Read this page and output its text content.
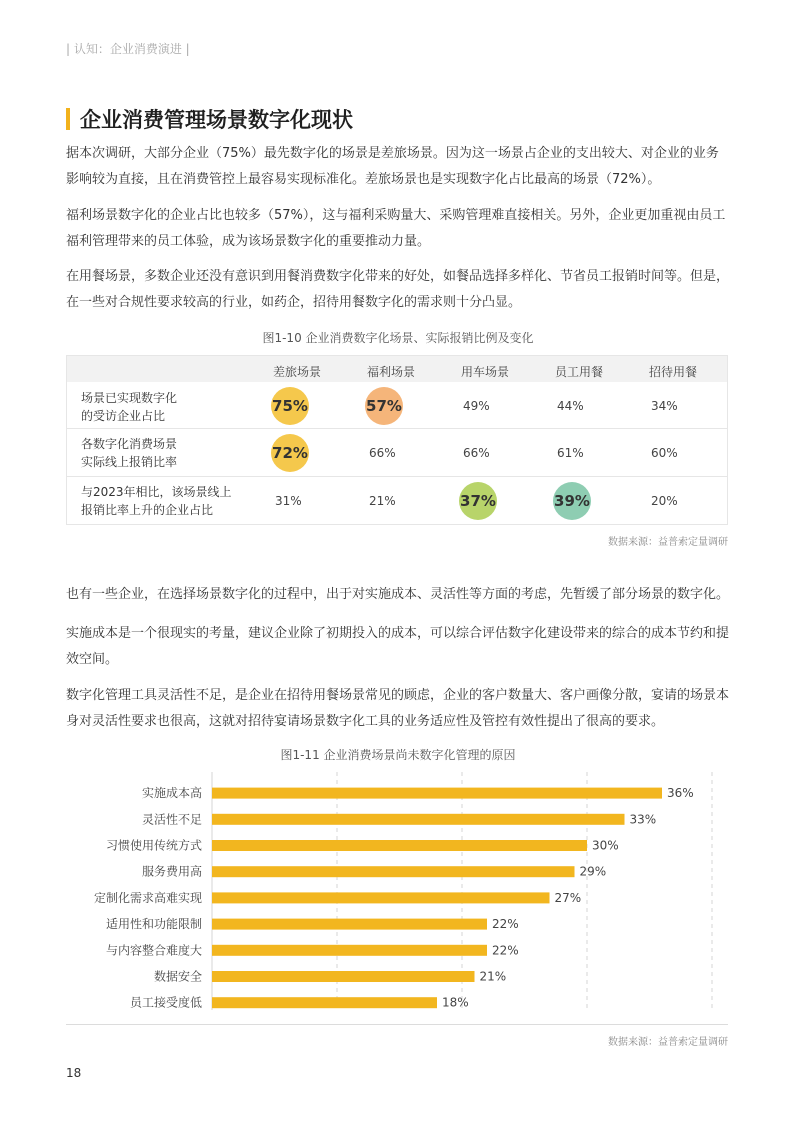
| 认知：企业消费演进 |
企业消费管理场景数字化现状

据本次调研，大部分企业（75%）最先数字化的场景是差旅场景。因为这一场景占企业的支出较大、对企业的业务影响较为直接，且在消费管控上最容易实现标准化。差旅场景也是实现数字化占比最高的场景（72%）。

福利场景数字化的企业占比也较多（57%），这与福利采购量大、采购管理难直接相关。另外，企业更加重视由员工福利管理带来的员工体验，成为该场景数字化的重要推动力量。

在用餐场景，多数企业还没有意识到用餐消费数字化带来的好处，如餐品选择多样化、节省员工报销时间等。但是，在一些对合规性要求较高的行业，如药企，招待用餐数字化的需求则十分凸显。

图1-10 企业消费数字化场景、实际报销比例及变化
差旅场景	福利场景	用车场景	员工用餐	招待用餐
场景已实现数字化
的受访企业占比
75%	57%	49%	44%	34%
各数字化消费场景
实际线上报销比率	72%	66%	66%	61%	60%
与2023年相比，该场景线上
报销比率上升的企业占比
31%	21%	37%	39%	20%
数据来源：益普索定量调研

也有一些企业，在选择场景数字化的过程中，出于对实施成本、灵活性等方面的考虑，先暂缓了部分场景的数字化。

实施成本是一个很现实的考量，建议企业除了初期投入的成本，可以综合评估数字化建设带来的综合的成本节约和提效空间。

数字化管理工具灵活性不足，是企业在招待用餐场景常见的顾虑，企业的客户数量大、客户画像分散，宴请的场景本身对灵活性要求也很高，这就对招待宴请场景数字化工具的业务适应性及管控有效性提出了很高的要求。

图1-11 企业消费场景尚未数字化管理的原因
实施成本高	36%
灵活性不足	33%
习惯使用传统方式	30%
服务费用高	29%
定制化需求高难实现	27%
适用性和功能限制	22%
与内容整合难度大	22%
数据安全	21%
员工接受度低	18%
数据来源：益普索定量调研
18
